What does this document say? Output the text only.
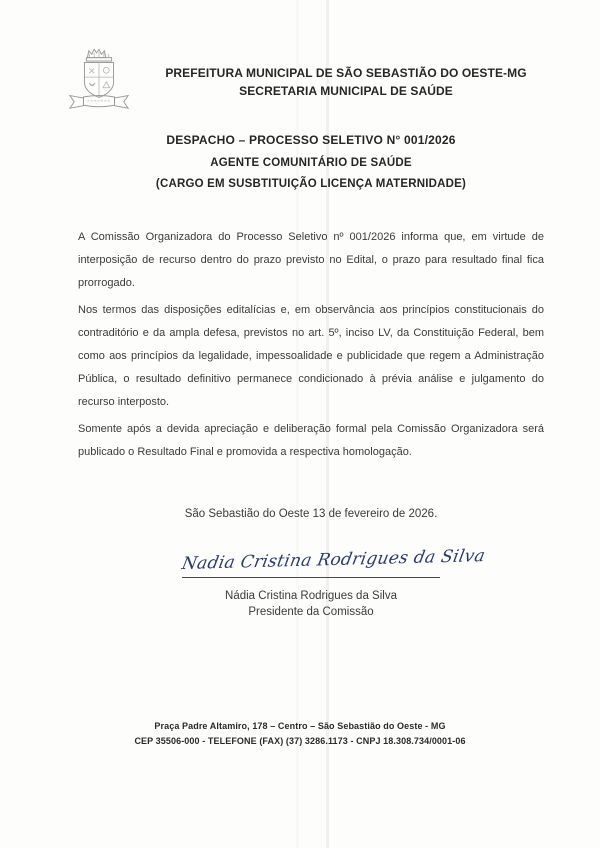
PREFEITURA MUNICIPAL DE SÃO SEBASTIÃO DO OESTE-MG
SECRETARIA MUNICIPAL DE SAÚDE
DESPACHO – PROCESSO SELETIVO N° 001/2026
AGENTE COMUNITÁRIO DE SAÚDE
(CARGO EM SUSBTITUIÇÃO LICENÇA MATERNIDADE)

A Comissão Organizadora do Processo Seletivo nº 001/2026 informa que, em virtude de interposição de recurso dentro do prazo previsto no Edital, o prazo para resultado final fica prorrogado.

Nos termos das disposições editalícias e, em observância aos princípios constitucionais do contraditório e da ampla defesa, previstos no art. 5º, inciso LV, da Constituição Federal, bem como aos princípios da legalidade, impessoalidade e publicidade que regem a Administração Pública, o resultado definitivo permanece condicionado à prévia análise e julgamento do recurso interposto.

Somente após a devida apreciação e deliberação formal pela Comissão Organizadora será publicado o Resultado Final e promovida a respectiva homologação.

São Sebastião do Oeste 13 de fevereiro de 2026.
Nadia Cristina Rodrigues da Silva
Nádia Cristina Rodrigues da Silva
Presidente da Comissão
Praça Padre Altamiro, 178 – Centro – São Sebastião do Oeste - MG
CEP 35506-000 - TELEFONE (FAX) (37) 3286.1173 - CNPJ 18.308.734/0001-06
